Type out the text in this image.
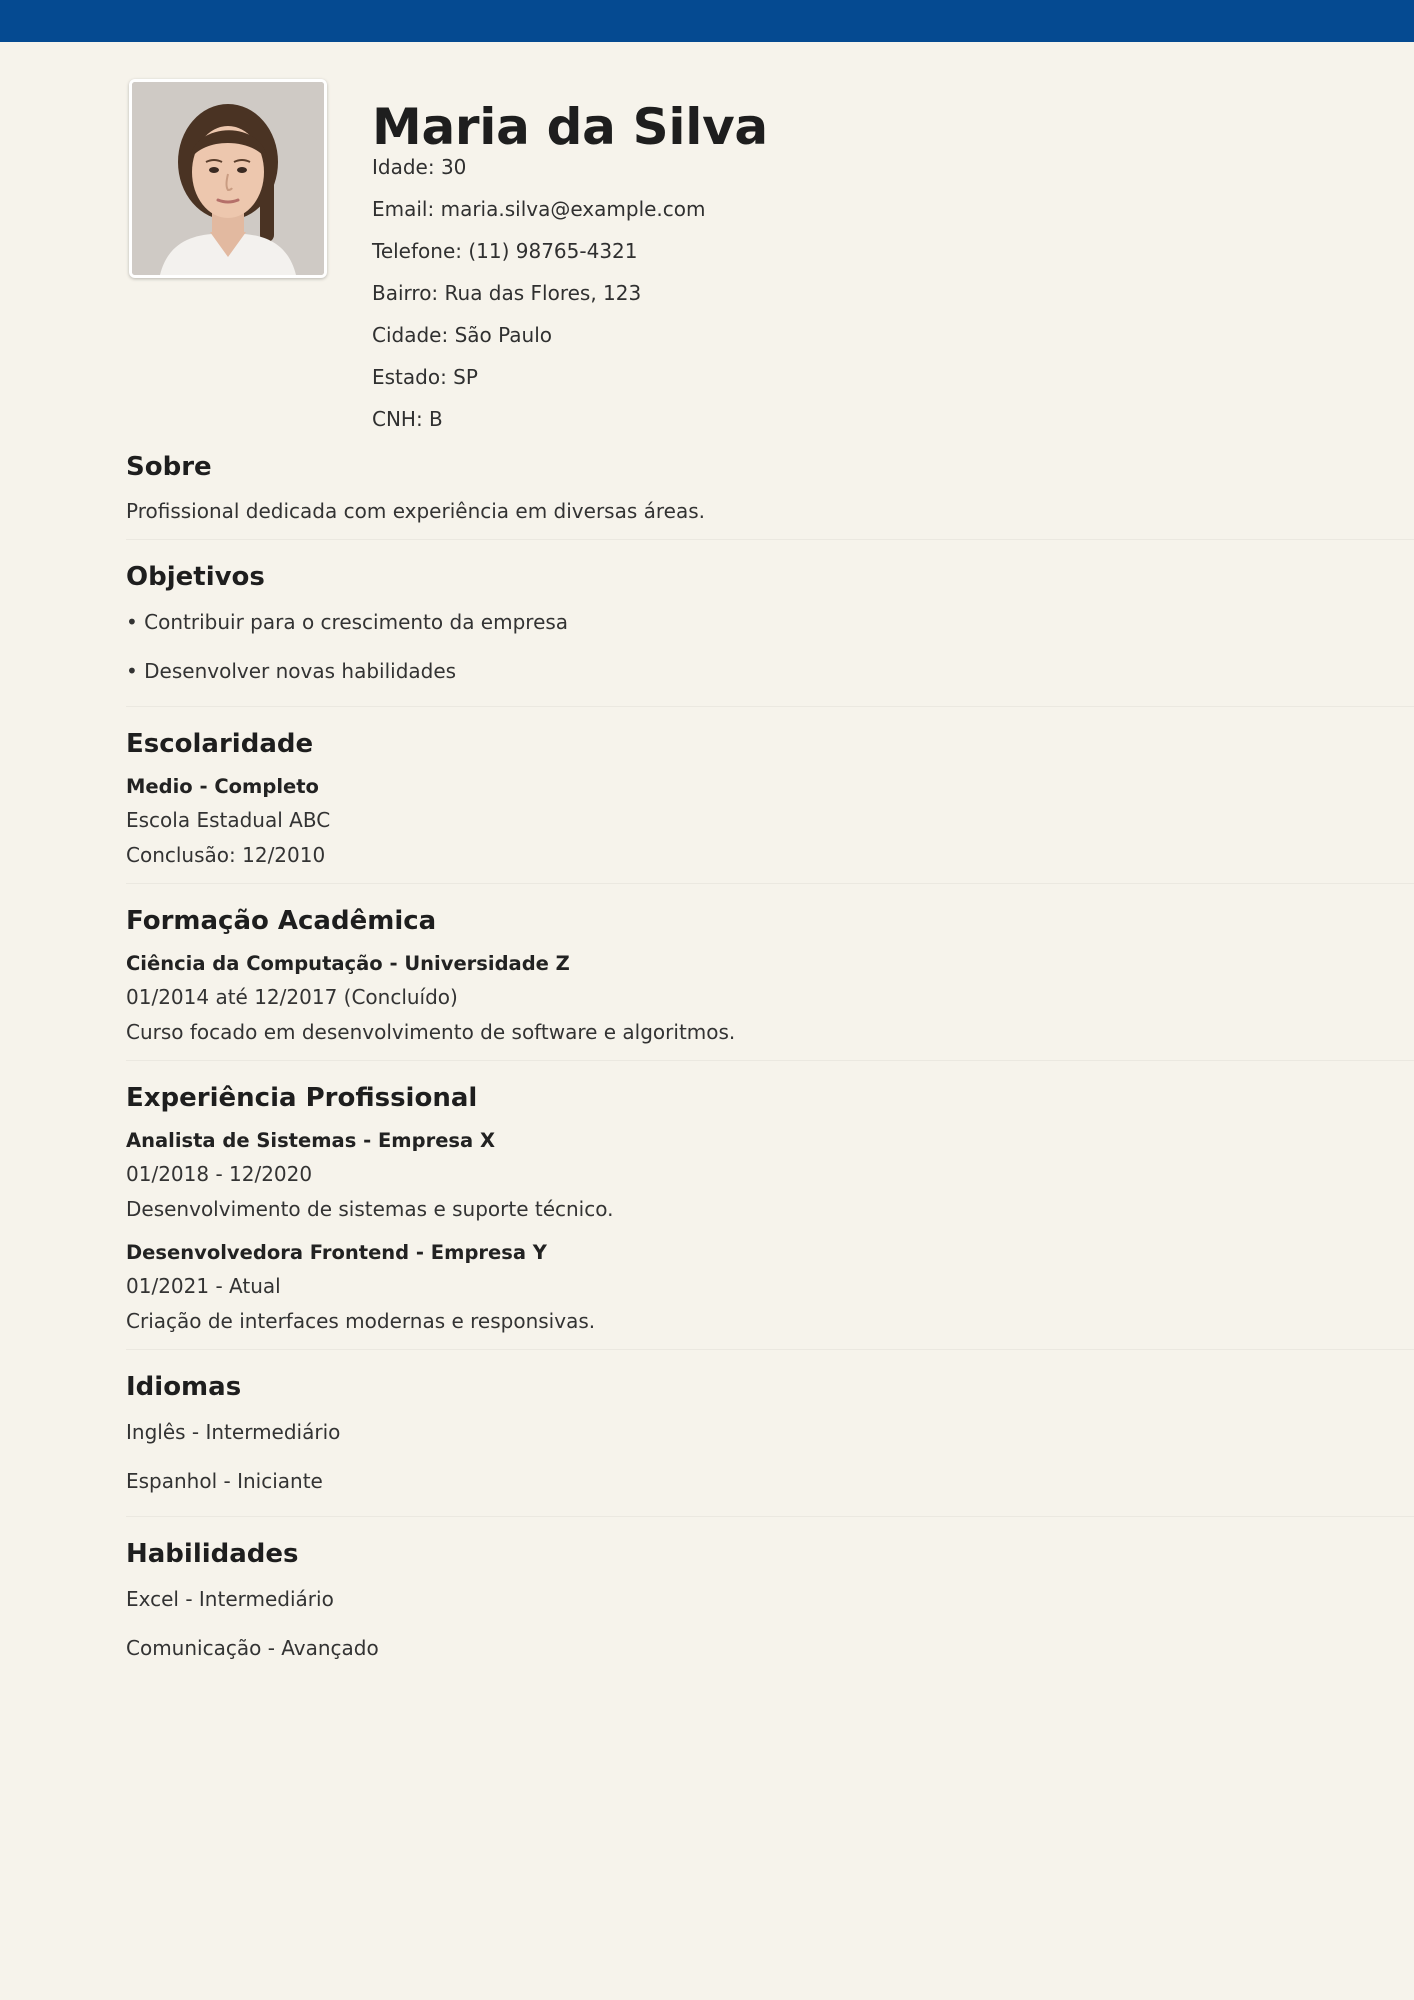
Maria da Silva
Idade: 30
Email: maria.silva@example.com
Telefone: (11) 98765-4321
Bairro: Rua das Flores, 123
Cidade: São Paulo
Estado: SP
CNH: B
Sobre
Profissional dedicada com experiência em diversas áreas.
Objetivos
• Contribuir para o crescimento da empresa
• Desenvolver novas habilidades
Escolaridade
Medio - Completo
Escola Estadual ABC
Conclusão: 12/2010
Formação Acadêmica
Ciência da Computação - Universidade Z
01/2014 até 12/2017 (Concluído)
Curso focado em desenvolvimento de software e algoritmos.
Experiência Profissional
Analista de Sistemas - Empresa X
01/2018 - 12/2020
Desenvolvimento de sistemas e suporte técnico.
Desenvolvedora Frontend - Empresa Y
01/2021 - Atual
Criação de interfaces modernas e responsivas.
Idiomas
Inglês - Intermediário
Espanhol - Iniciante
Habilidades
Excel - Intermediário
Comunicação - Avançado
